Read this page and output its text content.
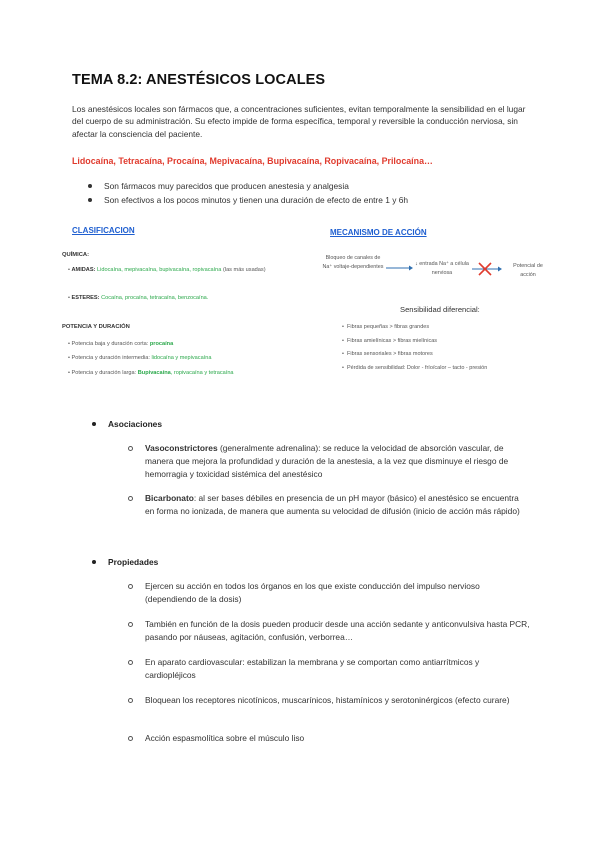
TEMA 8.2: ANESTÉSICOS LOCALES
Los anestésicos locales son fármacos que, a concentraciones suficientes, evitan temporalmente la sensibilidad en el lugar del cuerpo de su administración. Su efecto impide de forma específica, temporal y reversible la conducción nerviosa, sin afectar la consciencia del paciente.
Lidocaína, Tetracaína, Procaína, Mepivacaína, Bupivacaína, Ropivacaína, Prilocaína…
Son fármacos muy parecidos que producen anestesia y analgesia
Son efectivos a los pocos minutos y tienen una duración de efecto de entre 1 y 6h
CLASIFICACION
QUÍMICA:
• AMIDAS: Lidocaína, mepivacaína, bupivacaína, ropivacaína (las más usadas)
• ESTERES: Cocaína, procaína, tetracaína, benzocaína.
POTENCIA Y DURACIÓN
• Potencia baja y duración corta: procaína
• Potencia y duración intermedia: lidocaína y mepivacaína
• Potencia y duración larga: Bupivacaína, ropivacaína y tetracaína
MECANISMO DE ACCIÓN
Bloqueo de canales de Na⁺ voltaje-dependientes	↓ entrada Na⁺ a célula nerviosa
Potencial de acción
Sensibilidad diferencial:
•  Fibras pequeñas > fibras grandes
•  Fibras amielínicas > fibras mielínicas
•  Fibras sensoriales > fibras motores
•  Pérdida de sensibilidad: Dolor - frío/calor – tacto - presión
Asociaciones
Vasoconstrictores (generalmente adrenalina): se reduce la velocidad de absorción vascular, de manera que mejora la profundidad y duración de la anestesia, a la vez que disminuye el riesgo de hemorragia y toxicidad sistémica del anestésico
Bicarbonato: al ser bases débiles en presencia de un pH mayor (básico) el anestésico se encuentra en forma no ionizada, de manera que aumenta su velocidad de difusión (inicio de acción más rápido)
Propiedades
Ejercen su acción en todos los órganos en los que existe conducción del impulso nervioso (dependiendo de la dosis)
También en función de la dosis pueden producir desde una acción sedante y anticonvulsiva hasta PCR, pasando por náuseas, agitación, confusión, verborrea…
En aparato cardiovascular: estabilizan la membrana y se comportan como antiarrítmicos y cardiopléjicos
Bloquean los receptores nicotínicos, muscarínicos, histamínicos y serotoninérgicos (efecto curare)
Acción espasmolítica sobre el músculo liso
